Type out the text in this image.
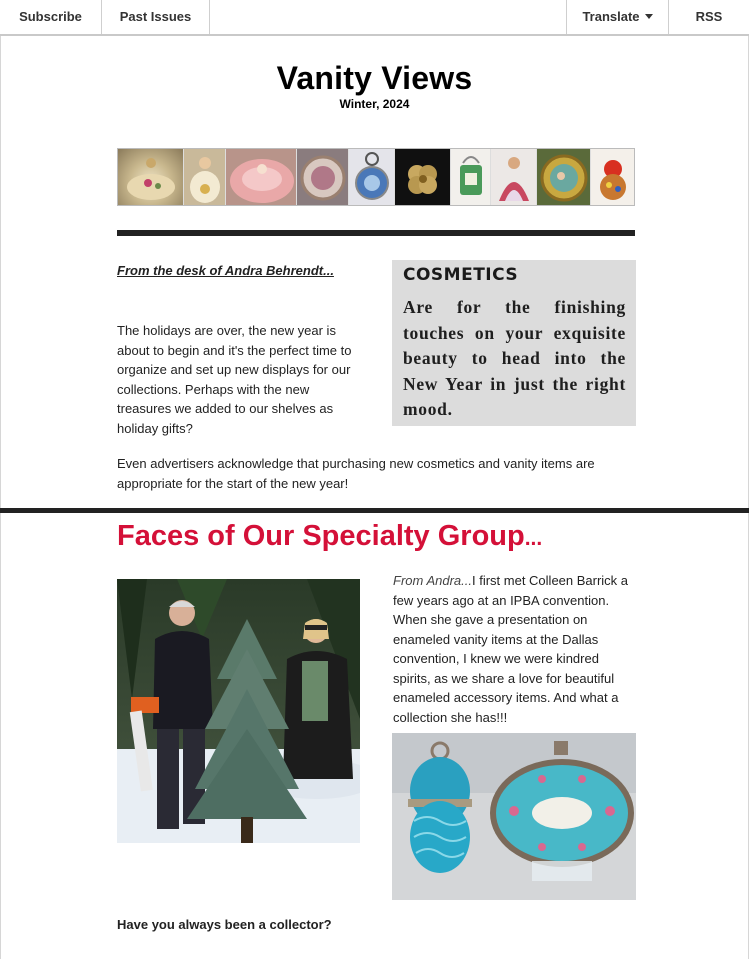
Subscribe	Past Issues	Translate	RSS
Vanity Views
Winter, 2024
From the desk of Andra Behrendt...
The holidays are over, the new year is about to begin and it's the perfect time to organize and set up new displays for our collections. Perhaps with the new treasures we added to our shelves as holiday gifts?
COSMETICS
Are for the finishing touches on your exquisite beauty to head into the New Year in just the right mood.
Even advertisers acknowledge that purchasing new cosmetics and vanity items are appropriate for the start of the new year!
Faces of Our Specialty Group...
From Andra...I first met Colleen Barrick a few years ago at an IPBA convention. When she gave a presentation on enameled vanity items at the Dallas convention, I knew we were kindred spirits, as we share a love for beautiful enameled accessory items. And what a collection she has!!!
Have you always been a collector?
